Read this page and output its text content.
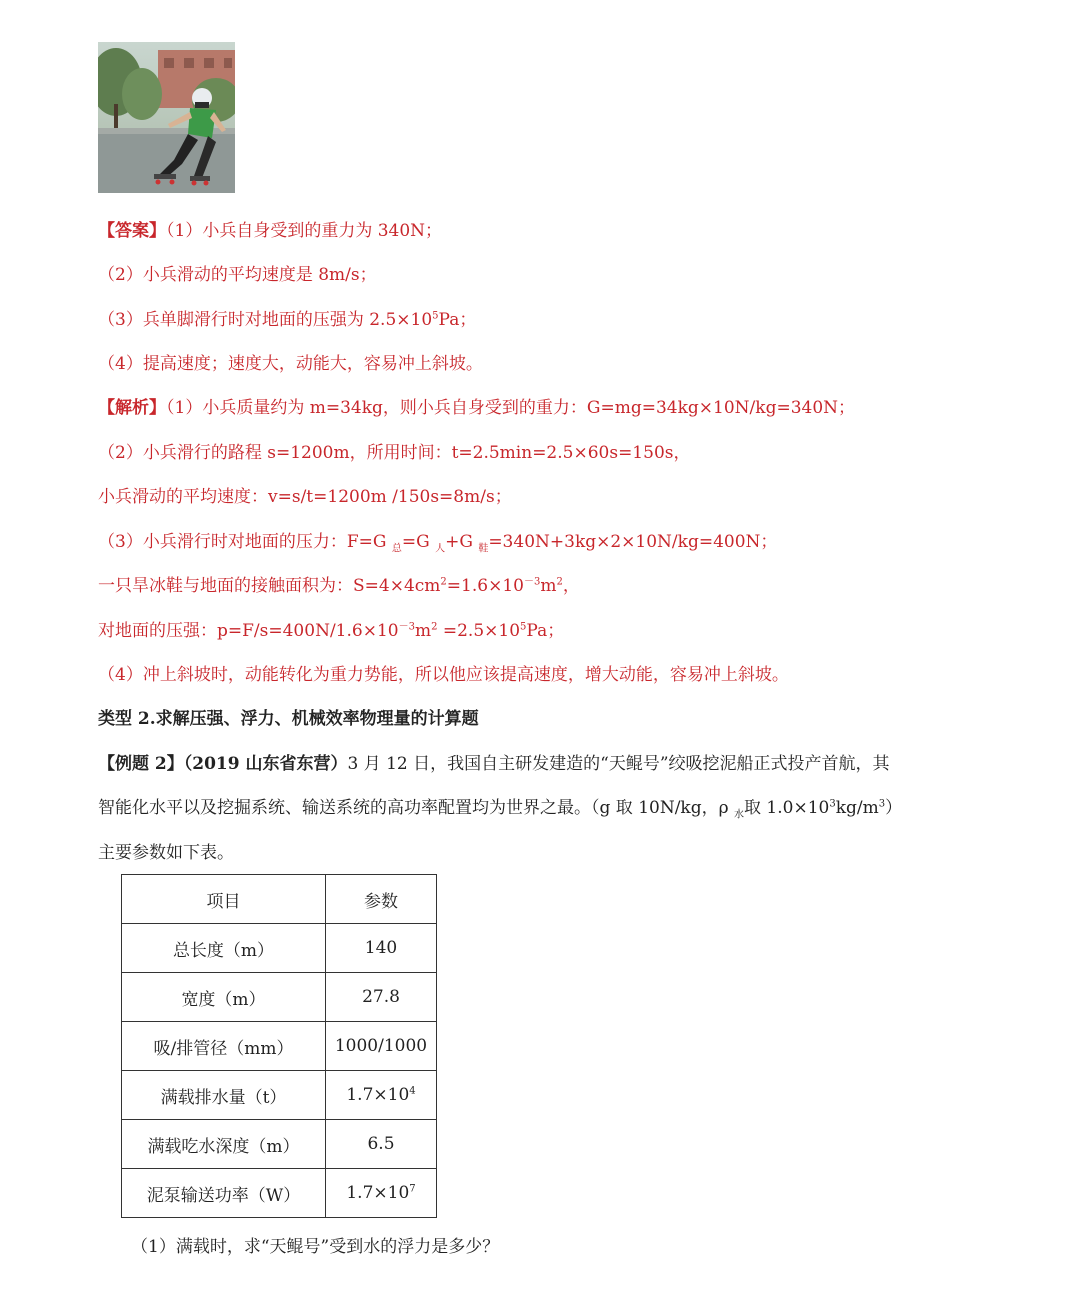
【答案】（1）小兵自身受到的重力为 340N；
（2）小兵滑动的平均速度是 8m/s；
（3）兵单脚滑行时对地面的压强为 $2.5\times 10^5Pa$；
（4）提高速度；速度大，动能大，容易冲上斜坡。
【解析】（1）小兵质量约为 m=34kg，则小兵自身受到的重力：G=mg=34kg×10N/kg=340N；
（2）小兵滑行的路程 s=1200m，所用时间：t=2.5min=2.5×60s=150s，
小兵滑动的平均速度：v=s/t=1200m /150s=8m/s；
（3）小兵滑行时对地面的压力：F=G $_总$=G $_人$+G $_鞋$=340N+3kg×2×10N/kg=400N；
一只旱冰鞋与地面的接触面积为：$S=4\times 4cm^2=1.6\times 10^{-3}m^2$，
对地面的压强：$p=F/s=400N/1.6\times 10^{-3}m^2 =2.5\times 10^5Pa$；
（4）冲上斜坡时，动能转化为重力势能，所以他应该提高速度，增大动能，容易冲上斜坡。
类型 2.求解压强、浮力、机械效率物理量的计算题
【例题 2】（2019 山东省东营）3 月 12 日，我国自主研发建造的“天鲲号”绞吸挖泥船正式投产首航，其
智能化水平以及挖掘系统、输送系统的高功率配置均为世界之最。（g 取 10N/kg，ρ $_水$取 $1.0\times 10^3kg/m^3$）
主要参数如下表。
项目	参数
总长度（m）	140
宽度（m）	27.8
吸/排管径（mm）	1000/1000
满载排水量（t）	$1.7\times 10^4$
满载吃水深度（m）	6.5
泥泵输送功率（W）	$1.7\times 10^7$
（1）满载时，求“天鲲号”受到水的浮力是多少？
